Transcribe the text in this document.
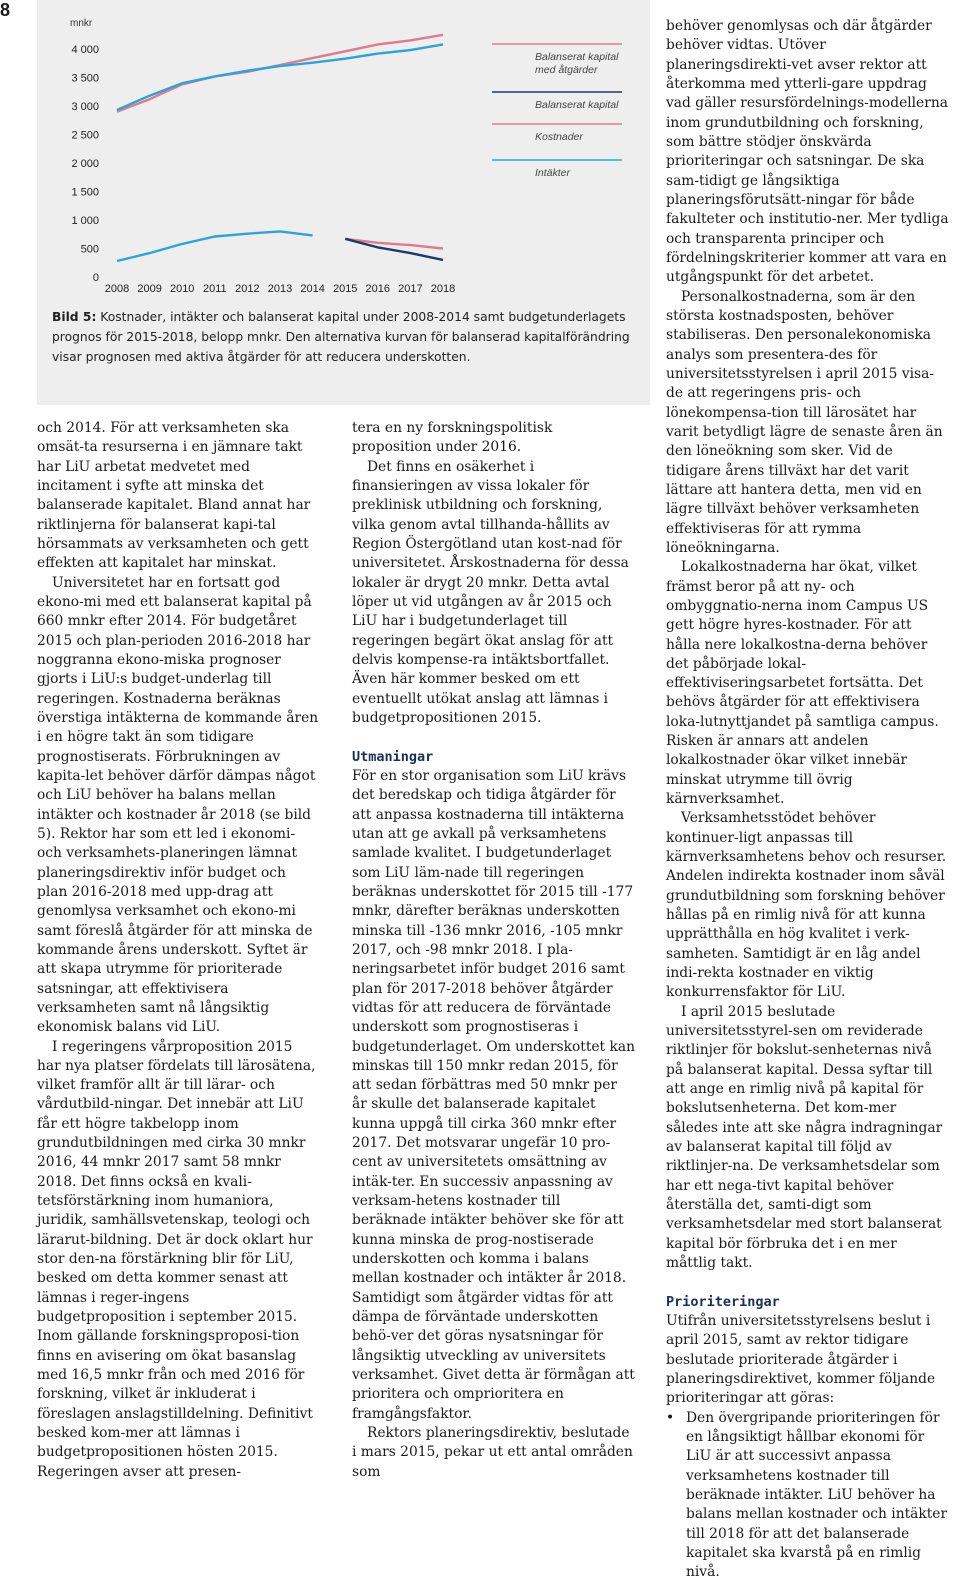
8
mnkr
0
500
1 000
1 500
2 000
2 500
3 000
3 500
4 000
2008 2009 2010 2011 2012 2013 2014 2015 2016 2017 2018
Balanserat kapital
med åtgärder
Balanserat kapital
Kostnader
Intäkter
Bild 5: Kostnader, intäkter och balanserat kapital under 2008-2014 samt budgetunderlagets prognos för 2015-2018, belopp mnkr. Den alternativa kurvan för balanserad kapitalförändring visar prognosen med aktiva åtgärder för att reducera underskotten.

och 2014. För att verksamheten ska omsät-ta resurserna i en jämnare takt har LiU arbetat medvetet med incitament i syfte att minska det balanserade kapitalet. Bland annat har riktlinjerna för balanserat kapi-tal hörsammats av verksamheten och gett effekten att kapitalet har minskat.

Universitetet har en fortsatt god ekono-mi med ett balanserat kapital på 660 mnkr efter 2014. För budgetåret 2015 och plan-perioden 2016-2018 har noggranna ekono-miska prognoser gjorts i LiU:s budget-underlag till regeringen. Kostnaderna beräknas överstiga intäkterna de kommande åren i en högre takt än som tidigare prognostiserats. Förbrukningen av kapita-let behöver därför dämpas något och LiU behöver ha balans mellan intäkter och kostnader år 2018 (se bild 5). Rektor har som ett led i ekonomi- och verksamhets-planeringen lämnat planeringsdirektiv inför budget och plan 2016-2018 med upp-drag att genomlysa verksamhet och ekono-mi samt föreslå åtgärder för att minska de kommande årens underskott. Syftet är att skapa utrymme för prioriterade satsningar, att effektivisera verksamheten samt nå långsiktig ekonomisk balans vid LiU.

I regeringens vårproposition 2015 har nya platser fördelats till lärosätena, vilket framför allt är till lärar- och vårdutbild-ningar. Det innebär att LiU får ett högre takbelopp inom grundutbildningen med cirka 30 mnkr 2016, 44 mnkr 2017 samt 58 mnkr 2018. Det finns också en kvali-tetsförstärkning inom humaniora, juridik, samhällsvetenskap, teologi och lärarut-bildning. Det är dock oklart hur stor den-na förstärkning blir för LiU, besked om detta kommer senast att lämnas i reger-ingens budgetproposition i september 2015. Inom gällande forskningsproposi-tion finns en avisering om ökat basanslag med 16,5 mnkr från och med 2016 för forskning, vilket är inkluderat i föreslagen anslagstilldelning. Definitivt besked kom-mer att lämnas i budgetpropositionen hösten 2015. Regeringen avser att presen-

tera en ny forskningspolitisk proposition under 2016.

Det finns en osäkerhet i finansieringen av vissa lokaler för preklinisk utbildning och forskning, vilka genom avtal tillhanda-hållits av Region Östergötland utan kost-nad för universitetet. Årskostnaderna för dessa lokaler är drygt 20 mnkr. Detta avtal löper ut vid utgången av år 2015 och LiU har i budgetunderlaget till regeringen begärt ökat anslag för att delvis kompense-ra intäktsbortfallet. Även här kommer besked om ett eventuellt utökat anslag att lämnas i budgetpropositionen 2015.

Utmaningar

För en stor organisation som LiU krävs det beredskap och tidiga åtgärder för att anpassa kostnaderna till intäkterna utan att ge avkall på verksamhetens samlade kvalitet. I budgetunderlaget som LiU läm-nade till regeringen beräknas underskottet för 2015 till -177 mnkr, därefter beräknas underskotten minska till -136 mnkr 2016, -105 mnkr 2017, och -98 mnkr 2018. I pla-neringsarbetet inför budget 2016 samt plan för 2017-2018 behöver åtgärder vidtas för att reducera de förväntade underskott som prognostiseras i budgetunderlaget. Om underskottet kan minskas till 150 mnkr redan 2015, för att sedan förbättras med 50 mnkr per år skulle det balanserade kapitalet kunna uppgå till cirka 360 mnkr efter 2017. Det motsvarar ungefär 10 pro-cent av universitetets omsättning av intäk-ter. En successiv anpassning av verksam-hetens kostnader till beräknade intäkter behöver ske för att kunna minska de prog-nostiserade underskotten och komma i balans mellan kostnader och intäkter år 2018. Samtidigt som åtgärder vidtas för att dämpa de förväntade underskotten behö-ver det göras nysatsningar för långsiktig utveckling av universitets verksamhet. Givet detta är förmågan att prioritera och omprioritera en framgångsfaktor.

Rektors planeringsdirektiv, beslutade i mars 2015, pekar ut ett antal områden som

behöver genomlysas och där åtgärder behöver vidtas. Utöver planeringsdirekti-vet avser rektor att återkomma med ytterli-gare uppdrag vad gäller resursfördelnings-modellerna inom grundutbildning och forskning, som bättre stödjer önskvärda prioriteringar och satsningar. De ska sam-tidigt ge långsiktiga planeringsförutsätt-ningar för både fakulteter och institutio-ner. Mer tydliga och transparenta principer och fördelningskriterier kommer att vara en utgångspunkt för det arbetet.

Personalkostnaderna, som är den största kostnadsposten, behöver stabiliseras. Den personalekonomiska analys som presentera-des för universitetsstyrelsen i april 2015 visa-de att regeringens pris- och lönekompensa-tion till lärosätet har varit betydligt lägre de senaste åren än den löneökning som sker. Vid de tidigare årens tillväxt har det varit lättare att hantera detta, men vid en lägre tillväxt behöver verksamheten effektiviseras för att rymma löneökningarna.

Lokalkostnaderna har ökat, vilket främst beror på att ny- och ombyggnatio-nerna inom Campus US gett högre hyres-kostnader. För att hålla nere lokalkostna-derna behöver det påbörjade lokal-effektiviseringsarbetet fortsätta. Det behövs åtgärder för att effektivisera loka-lutnyttjandet på samtliga campus. Risken är annars att andelen lokalkostnader ökar vilket innebär minskat utrymme till övrig kärnverksamhet.

Verksamhetsstödet behöver kontinuer-ligt anpassas till kärnverksamhetens behov och resurser. Andelen indirekta kostnader inom såväl grundutbildning som forskning behöver hållas på en rimlig nivå för att kunna upprätthålla en hög kvalitet i verk-samheten. Samtidigt är en låg andel indi-rekta kostnader en viktig konkurrensfaktor för LiU.

I april 2015 beslutade universitetsstyrel-sen om reviderade riktlinjer för bokslut-senheternas nivå på balanserat kapital. Dessa syftar till att ange en rimlig nivå på kapital för bokslutsenheterna. Det kom-mer således inte att ske några indragningar av balanserat kapital till följd av riktlinjer-na. De verksamhetsdelar som har ett nega-tivt kapital behöver återställa det, samti-digt som verksamhetsdelar med stort balanserat kapital bör förbruka det i en mer måttlig takt.

Prioriteringar

Utifrån universitetsstyrelsens beslut i april 2015, samt av rektor tidigare beslutade prioriterade åtgärder i planeringsdirektivet, kommer följande prioriteringar att göras:

• Den övergripande prioriteringen för en långsiktigt hållbar ekonomi för LiU är att successivt anpassa verksamhetens kostnader till beräknade intäkter. LiU behöver ha balans mellan kostnader och intäkter till 2018 för att det balanserade kapitalet ska kvarstå på en rimlig nivå.
